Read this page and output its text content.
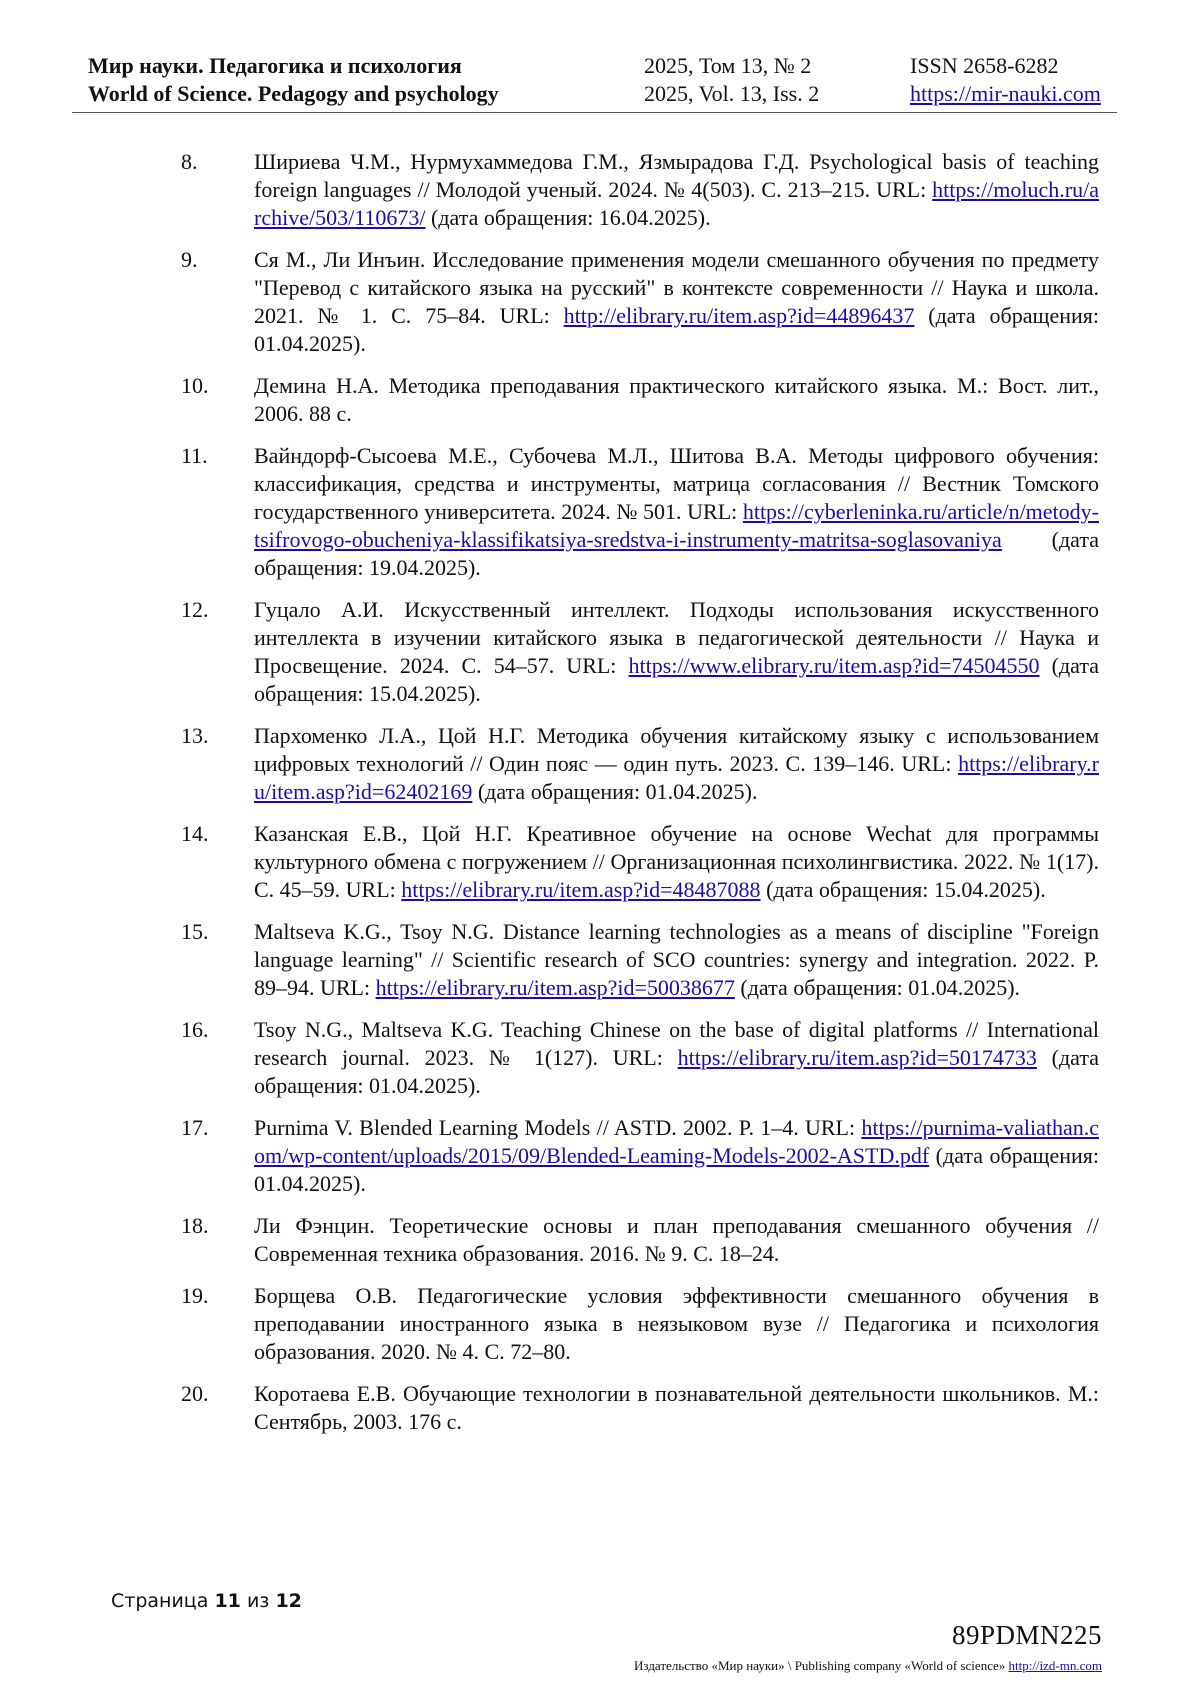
Мир науки. Педагогика и психология
World of Science. Pedagogy and psychology
2025, Том 13, № 2
2025, Vol. 13, Iss. 2
ISSN 2658-6282
https://mir-nauki.com
8.	Шириева Ч.М., Нурмухаммедова Г.М., Язмырадова Г.Д. Psychological basis of teaching foreign languages // Молодой ученый. 2024. № 4(503). С. 213–215. URL: https://moluch.ru/archive/503/110673/ (дата обращения: 16.04.2025).
9.	Ся М., Ли Инъин. Исследование применения модели смешанного обучения по предмету "Перевод с китайского языка на русский" в контексте современности // Наука и школа. 2021. № 1. С. 75–84. URL: http://elibrary.ru/item.asp?id=44896437 (дата обращения: 01.04.2025).
10. Демина Н.А. Методика преподавания практического китайского языка. М.: Вост. лит., 2006. 88 с.
11. Вайндорф-Сысоева М.Е., Субочева М.Л., Шитова В.А. Методы цифрового обучения: классификация, средства и инструменты, матрица согласования // Вестник Томского государственного университета. 2024. № 501. URL: https://cyberleninka.ru/article/n/metody-tsifrovogo-obucheniya-klassifikatsiya-sredstva-i-instrumenty-matritsa-soglasovaniya (дата обращения: 19.04.2025).
12. Гуцало А.И. Искусственный интеллект. Подходы использования искусственного интеллекта в изучении китайского языка в педагогической деятельности // Наука и Просвещение. 2024. С. 54–57. URL: https://www.elibrary.ru/item.asp?id=74504550 (дата обращения: 15.04.2025).
13. Пархоменко Л.А., Цой Н.Г. Методика обучения китайскому языку с использованием цифровых технологий // Один пояс — один путь. 2023. С. 139–146. URL: https://elibrary.ru/item.asp?id=62402169 (дата обращения: 01.04.2025).
14. Казанская Е.В., Цой Н.Г. Креативное обучение на основе Wechat для программы культурного обмена с погружением // Организационная психолингвистика. 2022. № 1(17). С. 45–59. URL: https://elibrary.ru/item.asp?id=48487088 (дата обращения: 15.04.2025).
15. Maltseva K.G., Tsoy N.G. Distance learning technologies as a means of discipline "Foreign language learning" // Scientific research of SCO countries: synergy and integration. 2022. P. 89–94. URL: https://elibrary.ru/item.asp?id=50038677 (дата обращения: 01.04.2025).
16. Tsoy N.G., Maltseva K.G. Teaching Chinese on the base of digital platforms // International research journal. 2023. № 1(127). URL: https://elibrary.ru/item.asp?id=50174733 (дата обращения: 01.04.2025).
17. Purnima V. Blended Learning Models // ASTD. 2002. P. 1–4. URL: https://purnima-valiathan.com/wp-content/uploads/2015/09/Blended-Leaming-Models-2002-ASTD.pdf (дата обращения: 01.04.2025).
18. Ли Фэнцин. Теоретические основы и план преподавания смешанного обучения // Современная техника образования. 2016. № 9. С. 18–24.
19. Борщева О.В. Педагогические условия эффективности смешанного обучения в преподавании иностранного языка в неязыковом вузе // Педагогика и психология образования. 2020. № 4. С. 72–80.
20. Коротаева Е.В. Обучающие технологии в познавательной деятельности школьников. М.: Сентябрь, 2003. 176 с.
Страница 11 из 12
89PDMN225
Издательство «Мир науки» \ Publishing company «World of science» http://izd-mn.com
